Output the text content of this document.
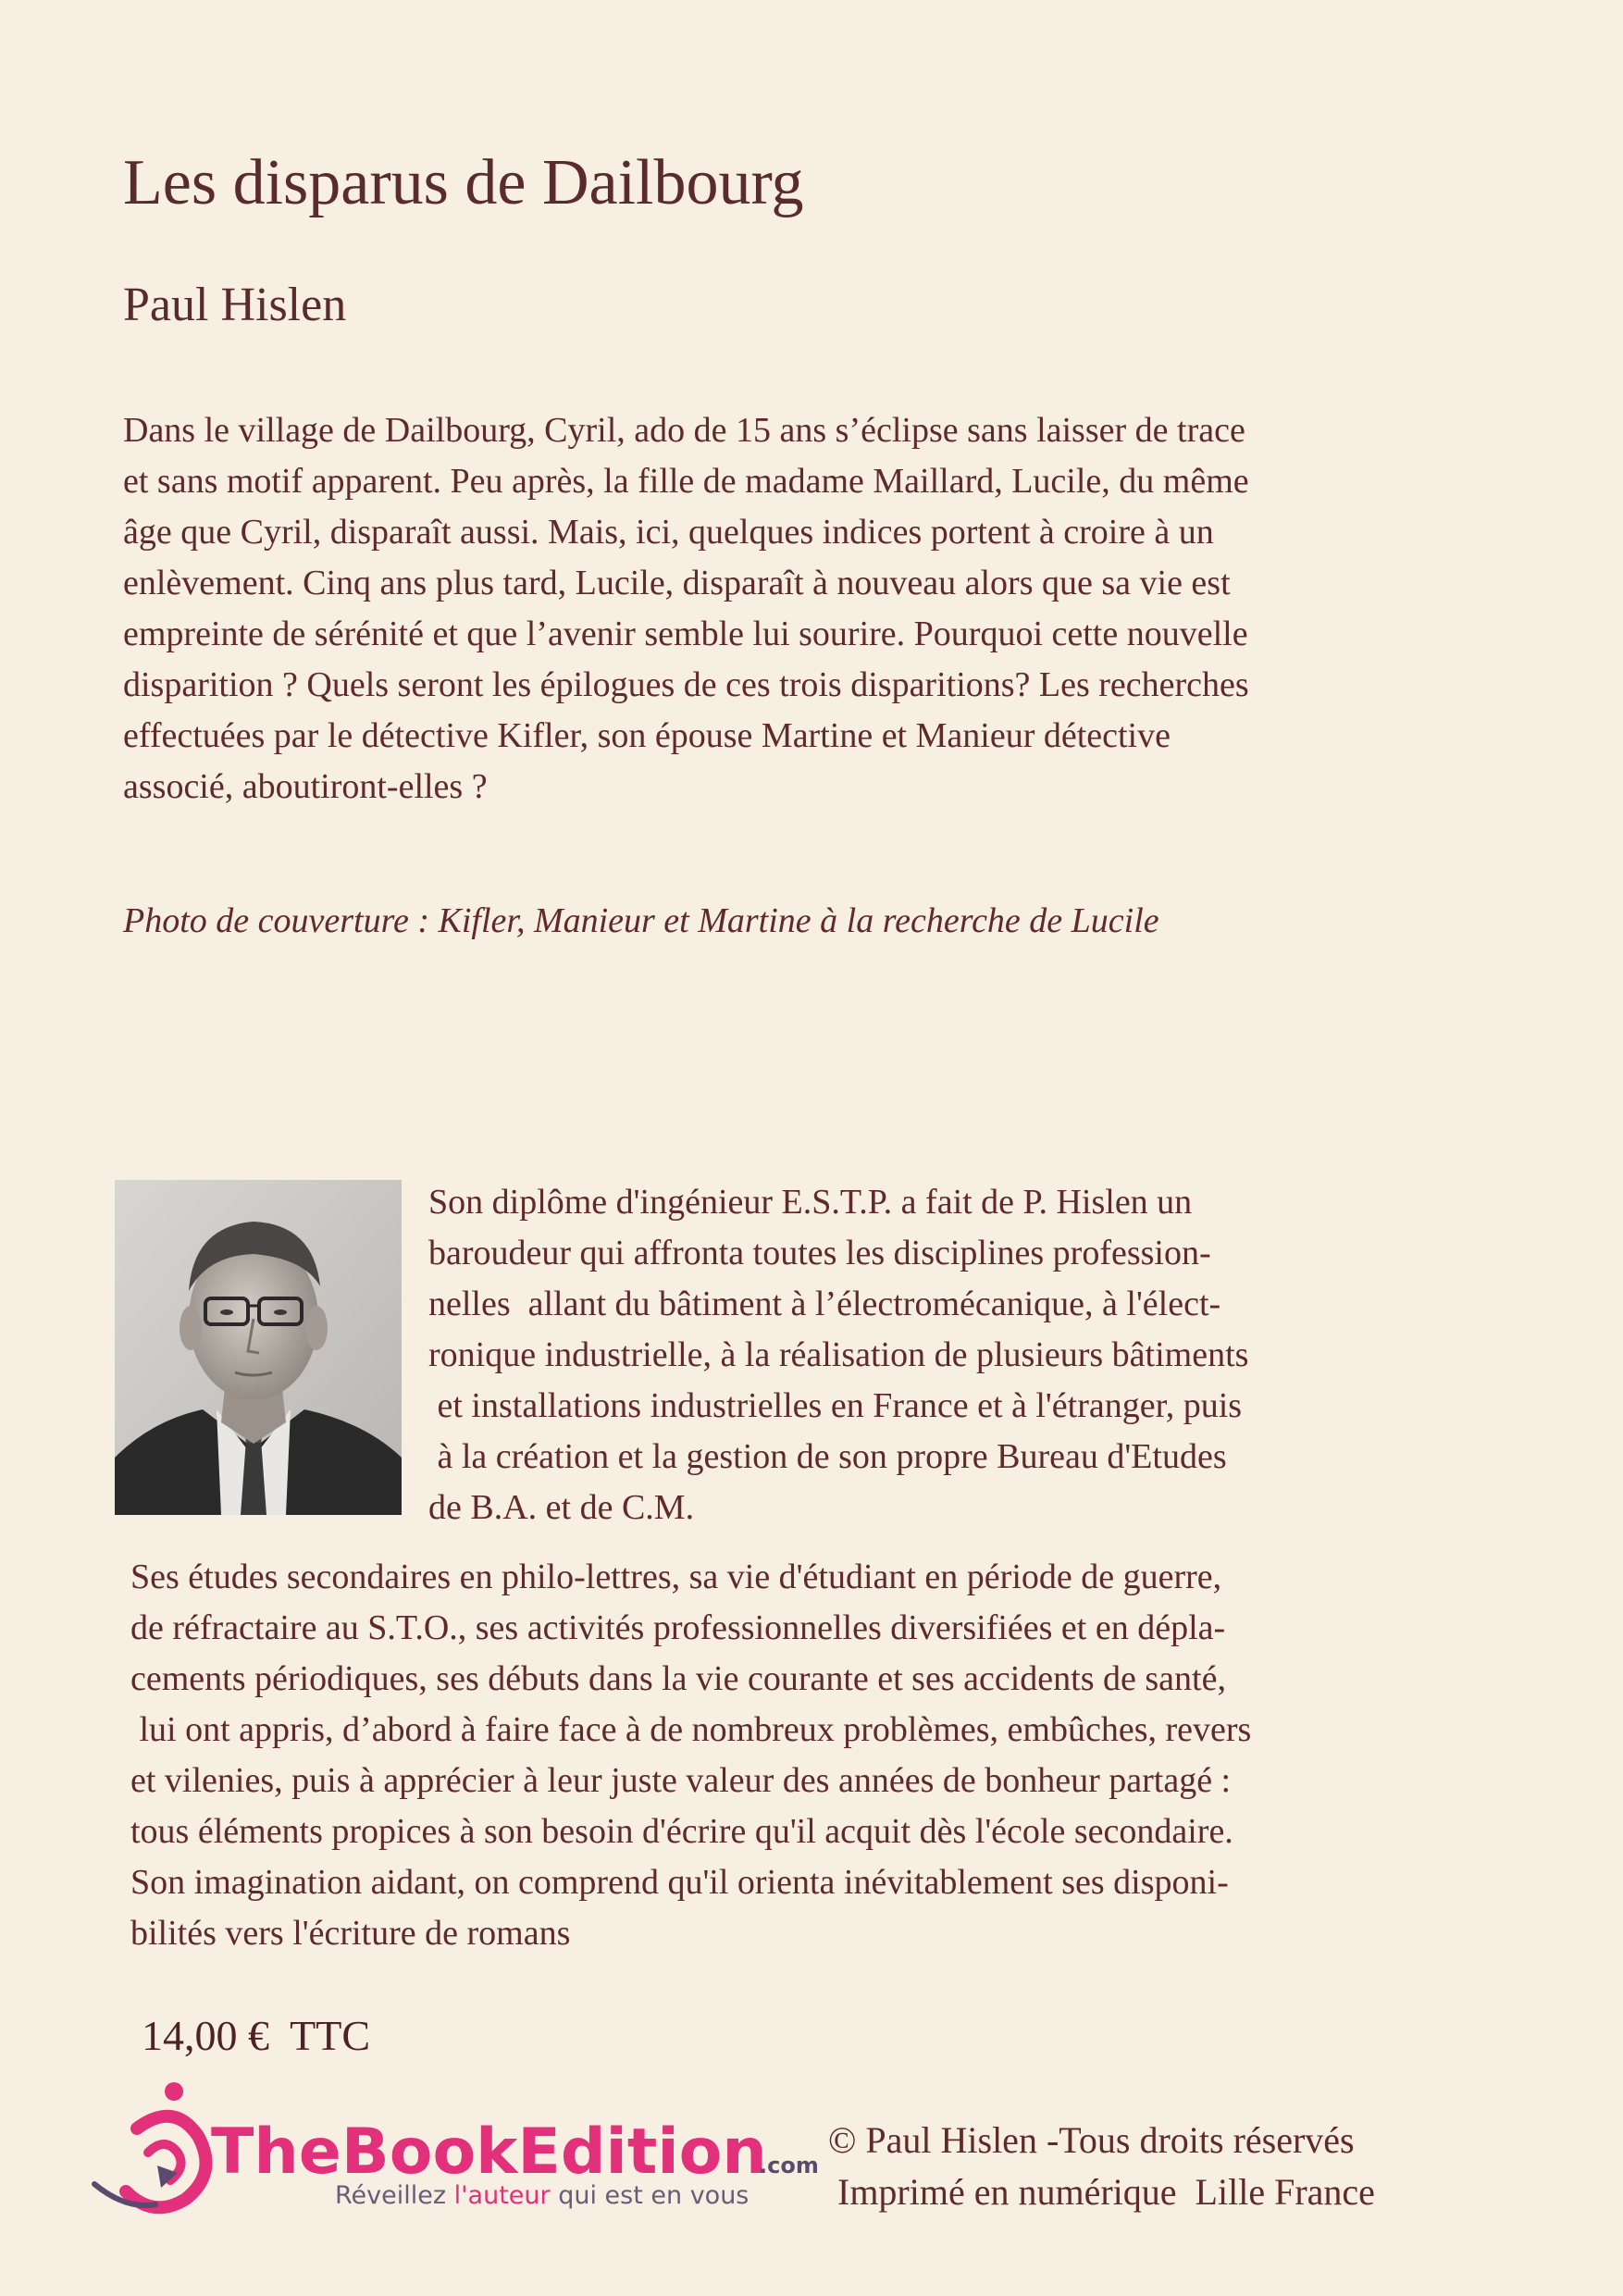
Les disparus de Dailbourg
Paul Hislen
Dans le village de Dailbourg, Cyril, ado de 15 ans s’éclipse sans laisser de trace
et sans motif apparent. Peu après, la fille de madame Maillard, Lucile, du même
âge que Cyril, disparaît aussi. Mais, ici, quelques indices portent à croire à un
enlèvement. Cinq ans plus tard, Lucile, disparaît à nouveau alors que sa vie est
empreinte de sérénité et que l’avenir semble lui sourire. Pourquoi cette nouvelle
disparition ? Quels seront les épilogues de ces trois disparitions? Les recherches
effectuées par le détective Kifler, son épouse Martine et Manieur détective
associé, aboutiront-elles ?
Photo de couverture : Kifler, Manieur et Martine à la recherche de Lucile
Son diplôme d'ingénieur E.S.T.P. a fait de P. Hislen un
baroudeur qui affronta toutes les disciplines profession-
nelles  allant du bâtiment à l’électromécanique, à l'élect-
ronique industrielle, à la réalisation de plusieurs bâtiments
et installations industrielles en France et à l'étranger, puis
à la création et la gestion de son propre Bureau d'Etudes
de B.A. et de C.M.
Ses études secondaires en philo-lettres, sa vie d'étudiant en période de guerre,
de réfractaire au S.T.O., ses activités professionnelles diversifiées et en dépla-
cements périodiques, ses débuts dans la vie courante et ses accidents de santé,
lui ont appris, d’abord à faire face à de nombreux problèmes, embûches, revers
et vilenies, puis à apprécier à leur juste valeur des années de bonheur partagé :
tous éléments propices à son besoin d'écrire qu'il acquit dès l'école secondaire.
Son imagination aidant, on comprend qu'il orienta inévitablement ses disponi-
bilités vers l'écriture de romans
14,00 €  TTC
TheBookEdition
.com
Réveillez l'auteur qui est en vous
© Paul Hislen -Tous droits réservés
Imprimé en numérique  Lille France
